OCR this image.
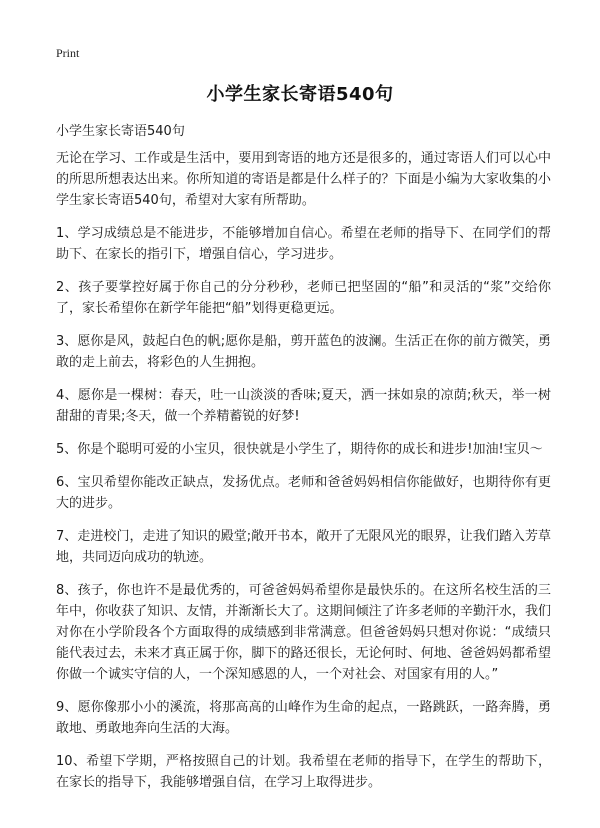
Print
小学生家长寄语540句
小学生家长寄语540句

无论在学习、工作或是生活中，要用到寄语的地方还是很多的，通过寄语人们可以心中的所思所想表达出来。你所知道的寄语是都是什么样子的？下面是小编为大家收集的小学生家长寄语540句，希望对大家有所帮助。

1、学习成绩总是不能进步，不能够增加自信心。希望在老师的指导下、在同学们的帮助下、在家长的指引下，增强自信心，学习进步。

2、孩子要掌控好属于你自己的分分秒秒，老师已把坚固的“船”和灵活的“浆”交给你了，家长希望你在新学年能把“船”划得更稳更远。

3、愿你是风，鼓起白色的帆;愿你是船，剪开蓝色的波澜。生活正在你的前方微笑，勇敢的走上前去，将彩色的人生拥抱。

4、愿你是一棵树：春天，吐一山淡淡的香味;夏天，洒一抹如泉的凉荫;秋天，举一树甜甜的青果;冬天，做一个养精蓄锐的好梦!

5、你是个聪明可爱的小宝贝，很快就是小学生了，期待你的成长和进步!加油!宝贝～

6、宝贝希望你能改正缺点，发扬优点。老师和爸爸妈妈相信你能做好，也期待你有更大的进步。

7、走进校门，走进了知识的殿堂;敞开书本，敞开了无限风光的眼界，让我们踏入芳草地，共同迈向成功的轨迹。

8、孩子，你也许不是最优秀的，可爸爸妈妈希望你是最快乐的。在这所名校生活的三年中，你收获了知识、友情，并渐渐长大了。这期间倾注了许多老师的辛勤汗水，我们对你在小学阶段各个方面取得的成绩感到非常满意。但爸爸妈妈只想对你说：“成绩只能代表过去，未来才真正属于你，脚下的路还很长，无论何时、何地、爸爸妈妈都希望你做一个诚实守信的人，一个深知感恩的人，一个对社会、对国家有用的人。”

9、愿你像那小小的溪流，将那高高的山峰作为生命的起点，一路跳跃，一路奔腾，勇敢地、勇敢地奔向生活的大海。

10、希望下学期，严格按照自己的计划。我希望在老师的指导下，在学生的帮助下，在家长的指导下，我能够增强自信，在学习上取得进步。
